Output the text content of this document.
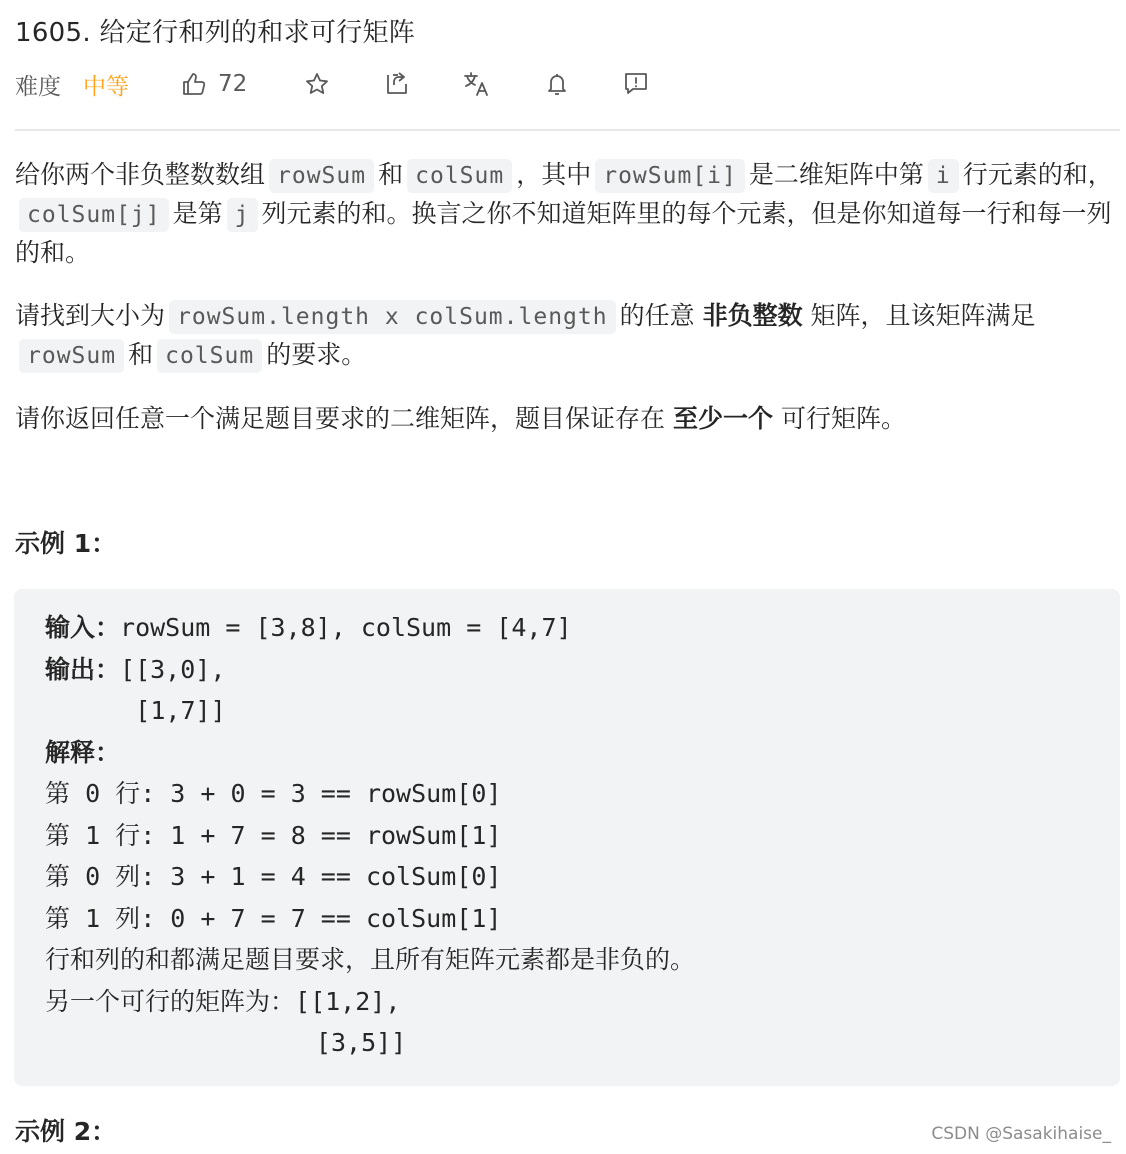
1605. 给定行和列的和求可行矩阵
难度 中等	72

给你两个非负整数数组 rowSum 和 colSum ，其中 rowSum[i] 是二维矩阵中第 i 行元素的和，colSum[j] 是第 j 列元素的和。换言之你不知道矩阵里的每个元素，但是你知道每一行和每一列的和。

请找到大小为 rowSum.length x colSum.length 的任意 非负整数 矩阵，且该矩阵满足rowSum 和 colSum 的要求。

请你返回任意一个满足题目要求的二维矩阵，题目保证存在 至少一个 可行矩阵。

示例 1：
输入：rowSum = [3,8], colSum = [4,7]
输出：[[3,0],
[1,7]]
解释：
第 0 行: 3 + 0 = 3 == rowSum[0]
第 1 行: 1 + 7 = 8 == rowSum[1]
第 0 列: 3 + 1 = 4 == colSum[0]
第 1 列: 0 + 7 = 7 == colSum[1]
行和列的和都满足题目要求，且所有矩阵元素都是非负的。
另一个可行的矩阵为：[[1,2],
[3,5]]
示例 2：	CSDN @Sasakihaise_
